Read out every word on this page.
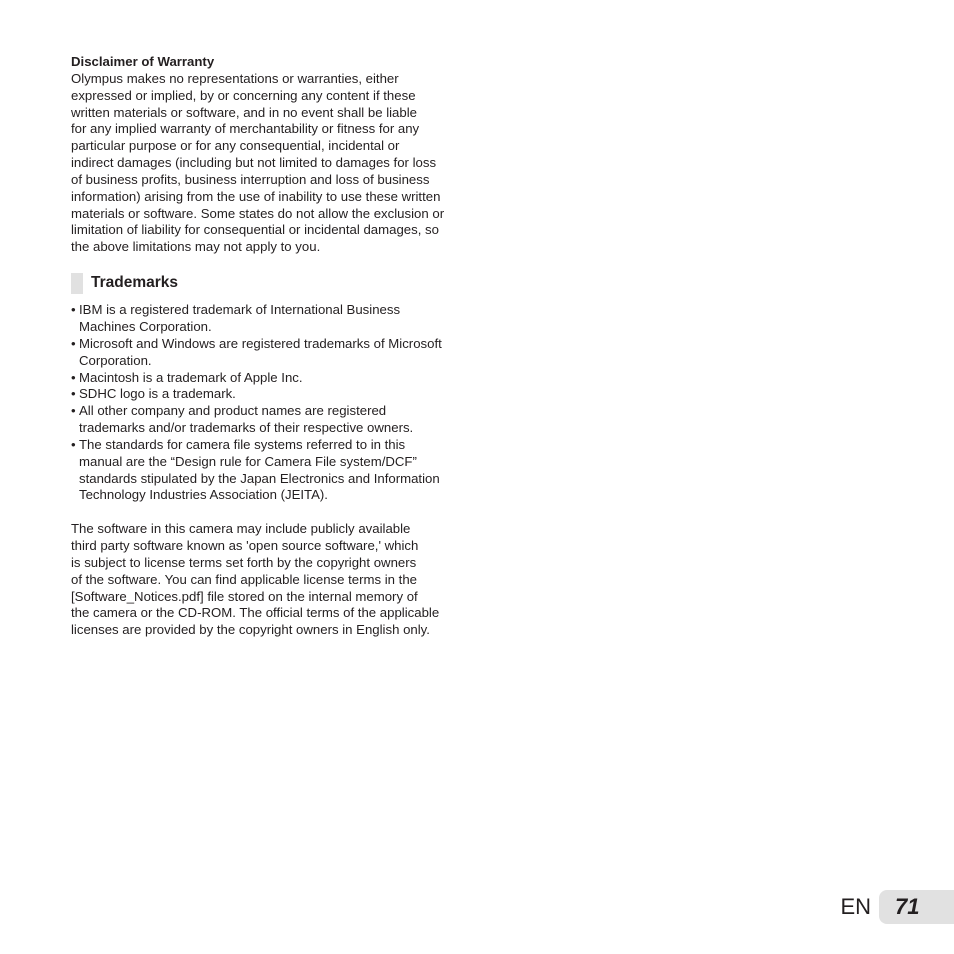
Disclaimer of Warranty

Olympus makes no representations or warranties, either

expressed or implied, by or concerning any content if these

written materials or software, and in no event shall be liable

for any implied warranty of merchantability or fitness for any

particular purpose or for any consequential, incidental or

indirect damages (including but not limited to damages for loss

of business profits, business interruption and loss of business

information) arising from the use of inability to use these written

materials or software. Some states do not allow the exclusion or

limitation of liability for consequential or incidental damages, so

the above limitations may not apply to you.

Trademarks
• IBM is a registered trademark of International Business
Machines Corporation.
• Microsoft and Windows are registered trademarks of Microsoft
Corporation.
• Macintosh is a trademark of Apple Inc.
• SDHC logo is a trademark.
• All other company and product names are registered
trademarks and/or trademarks of their respective owners.
• The standards for camera file systems referred to in this
manual are the “Design rule for Camera File system/DCF”
standards stipulated by the Japan Electronics and Information
Technology Industries Association (JEITA).

The software in this camera may include publicly available

third party software known as 'open source software,' which

is subject to license terms set forth by the copyright owners

of the software. You can find applicable license terms in the

[Software_Notices.pdf] file stored on the internal memory of

the camera or the CD-ROM. The official terms of the applicable

licenses are provided by the copyright owners in English only.

EN 71
